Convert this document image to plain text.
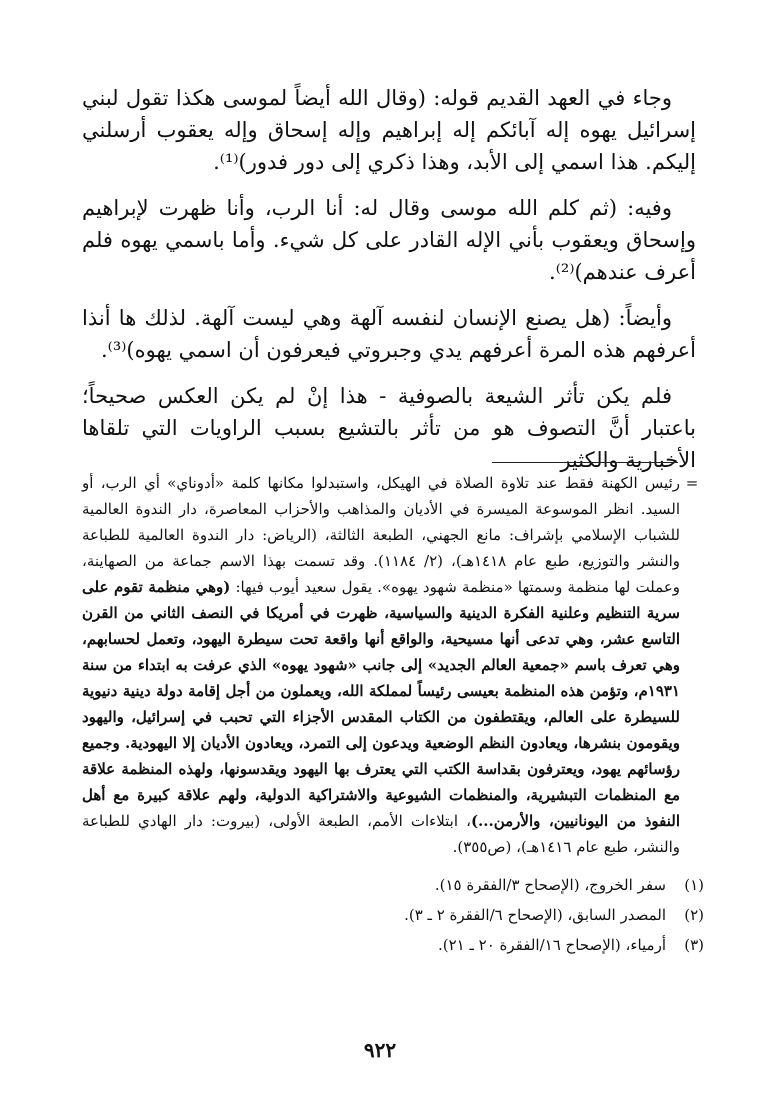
وجاء في العهد القديم قوله: (وقال الله أيضاً لموسى هكذا تقول لبني إسرائيل يهوه إله آبائكم إله إبراهيم وإله إسحاق وإله يعقوب أرسلني إليكم. هذا اسمي إلى الأبد، وهذا ذكري إلى دور فدور)⁽¹⁾.

وفيه: (ثم كلم الله موسى وقال له: أنا الرب، وأنا ظهرت لإبراهيم وإسحاق ويعقوب بأني الإله القادر على كل شيء. وأما باسمي يهوه فلم أعرف عندهم)⁽²⁾.

وأيضاً: (هل يصنع الإنسان لنفسه آلهة وهي ليست آلهة. لذلك ها أنذا أعرفهم هذه المرة أعرفهم يدي وجبروتي فيعرفون أن اسمي يهوه)⁽³⁾.

فلم يكن تأثر الشيعة بالصوفية - هذا إنْ لم يكن العكس صحيحاً؛ باعتبار أنَّ التصوف هو من تأثر بالتشيع بسبب الراويات التي تلقاها الأخبارية والكثير

=
رئيس الكهنة فقط عند تلاوة الصلاة في الهيكل، واستبدلوا مكانها كلمة «أدوناي» أي الرب، أو السيد. انظر الموسوعة الميسرة في الأديان والمذاهب والأحزاب المعاصرة، دار الندوة العالمية للشباب الإسلامي بإشراف: مانع الجهني، الطبعة الثالثة، (الرياض: دار الندوة العالمية للطباعة والنشر والتوزيع، طبع عام ١٤١٨هـ)، (٢/ ١١٨٤). وقد تسمت بهذا الاسم جماعة من الصهاينة، وعملت لها منظمة وسمتها «منظمة شهود يهوه». يقول سعيد أيوب فيها: (وهي منظمة تقوم على سرية التنظيم وعلنية الفكرة الدينية والسياسية، ظهرت في أمريكا في النصف الثاني من القرن التاسع عشر، وهي تدعى أنها مسيحية، والواقع أنها واقعة تحت سيطرة اليهود، وتعمل لحسابهم، وهي تعرف باسم «جمعية العالم الجديد» إلى جانب «شهود يهوه» الذي عرفت به ابتداء من سنة ١٩٣١م، وتؤمن هذه المنظمة بعيسى رئيساً لمملكة الله، ويعملون من أجل إقامة دولة دينية دنيوية للسيطرة على العالم، ويقتطفون من الكتاب المقدس الأجزاء التي تحبب في إسرائيل، واليهود ويقومون بنشرها، ويعادون النظم الوضعية ويدعون إلى التمرد، ويعادون الأديان إلا اليهودية. وجميع رؤسائهم يهود، ويعترفون بقداسة الكتب التي يعترف بها اليهود ويقدسونها، ولهذه المنظمة علاقة مع المنظمات التبشيرية، والمنظمات الشيوعية والاشتراكية الدولية، ولهم علاقة كبيرة مع أهل النفوذ من اليونانيين، والأرمن...)، ابتلاءات الأمم، الطبعة الأولى، (بيروت: دار الهادي للطباعة والنشر، طبع عام ١٤١٦هـ)، (ص٣٥٥).
(١)
سفر الخروج، (الإصحاح ٣/الفقرة ١٥).
(٢)
المصدر السابق، (الإصحاح ٦/الفقرة ٢ ـ ٣).
(٣)
أرمياء، (الإصحاح ١٦/الفقرة ٢٠ ـ ٢١).
٩٢٢
